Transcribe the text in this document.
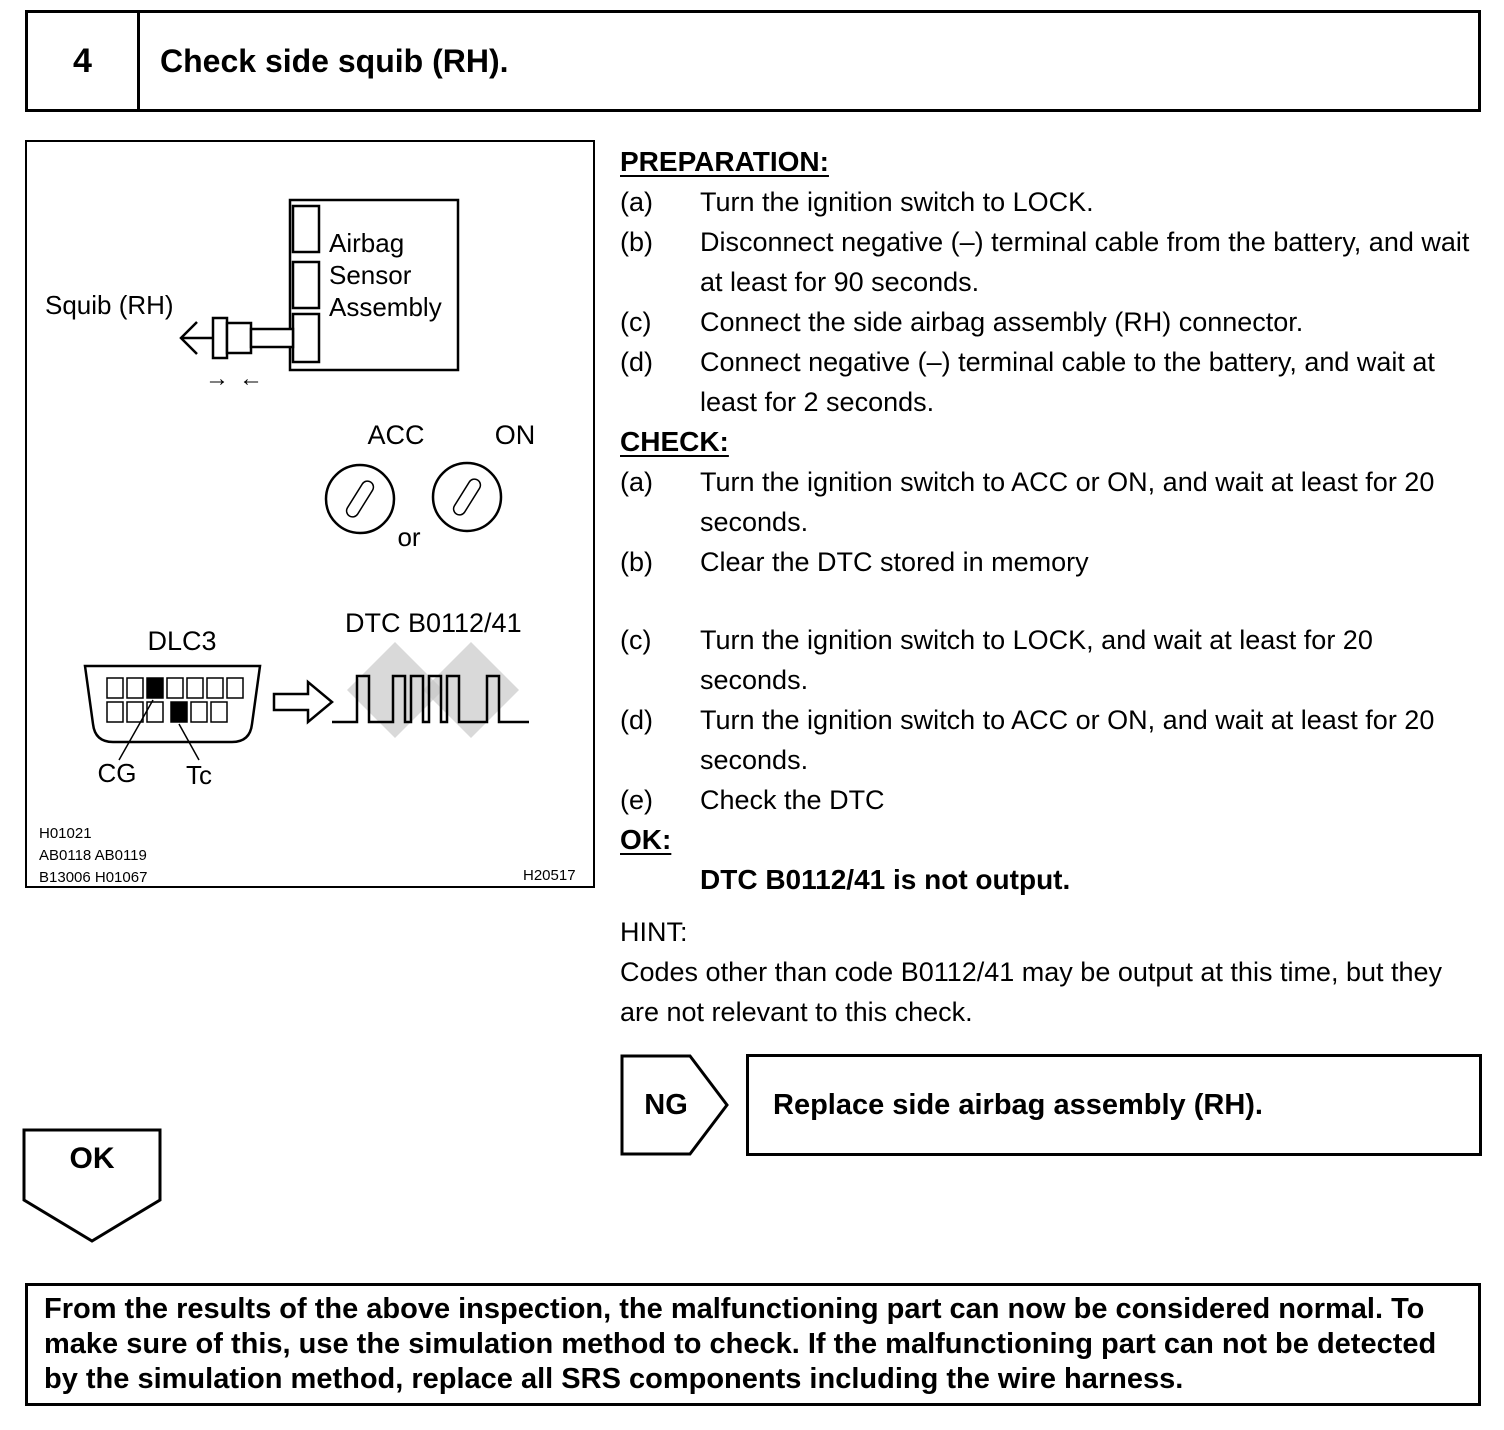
4	Check side squib (RH).
Airbag
Sensor
Assembly
Squib (RH)
→ ←
ACC	ON
or
DLC3
CG Tc
DTC B0112/41
H01021
AB0118 AB0119
B13006 H01067	H20517
PREPARATION:
(a)	Turn the ignition switch to LOCK.
(b)	Disconnect negative (–) terminal cable from the battery, and wait at least for 90 seconds.
(c)	Connect the side airbag assembly (RH) connector.
(d)	Connect negative (–) terminal cable to the battery, and wait at least for 2 seconds.
CHECK:
(a)	Turn the ignition switch to ACC or ON, and wait at least for 20 seconds.
(b)	Clear the DTC stored in memory
(c)	Turn the ignition switch to LOCK, and wait at least for 20 seconds.
(d)	Turn the ignition switch to ACC or ON, and wait at least for 20 seconds.
(e)	Check the DTC
OK:
DTC B0112/41 is not output.
HINT:
Codes other than code B0112/41 may be output at this time, but they are not relevant to this check.
NG	Replace side airbag assembly (RH).
OK
From the results of the above inspection, the malfunctioning part can now be considered normal. To make sure of this, use the simulation method to check. If the malfunctioning part can not be detected by the simulation method, replace all SRS components including the wire harness.
